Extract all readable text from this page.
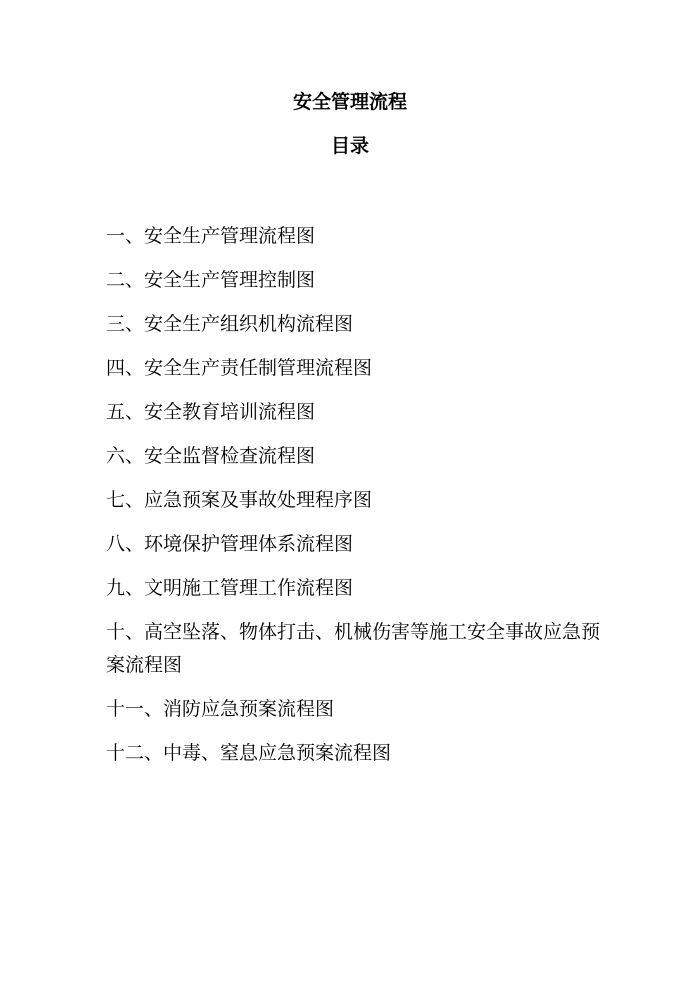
安全管理流程
目录
一、安全生产管理流程图
二、安全生产管理控制图
三、安全生产组织机构流程图
四、安全生产责任制管理流程图
五、安全教育培训流程图
六、安全监督检查流程图
七、应急预案及事故处理程序图
八、环境保护管理体系流程图
九、文明施工管理工作流程图
十、高空坠落、物体打击、机械伤害等施工安全事故应急预案流程图
十一、消防应急预案流程图
十二、中毒、窒息应急预案流程图
